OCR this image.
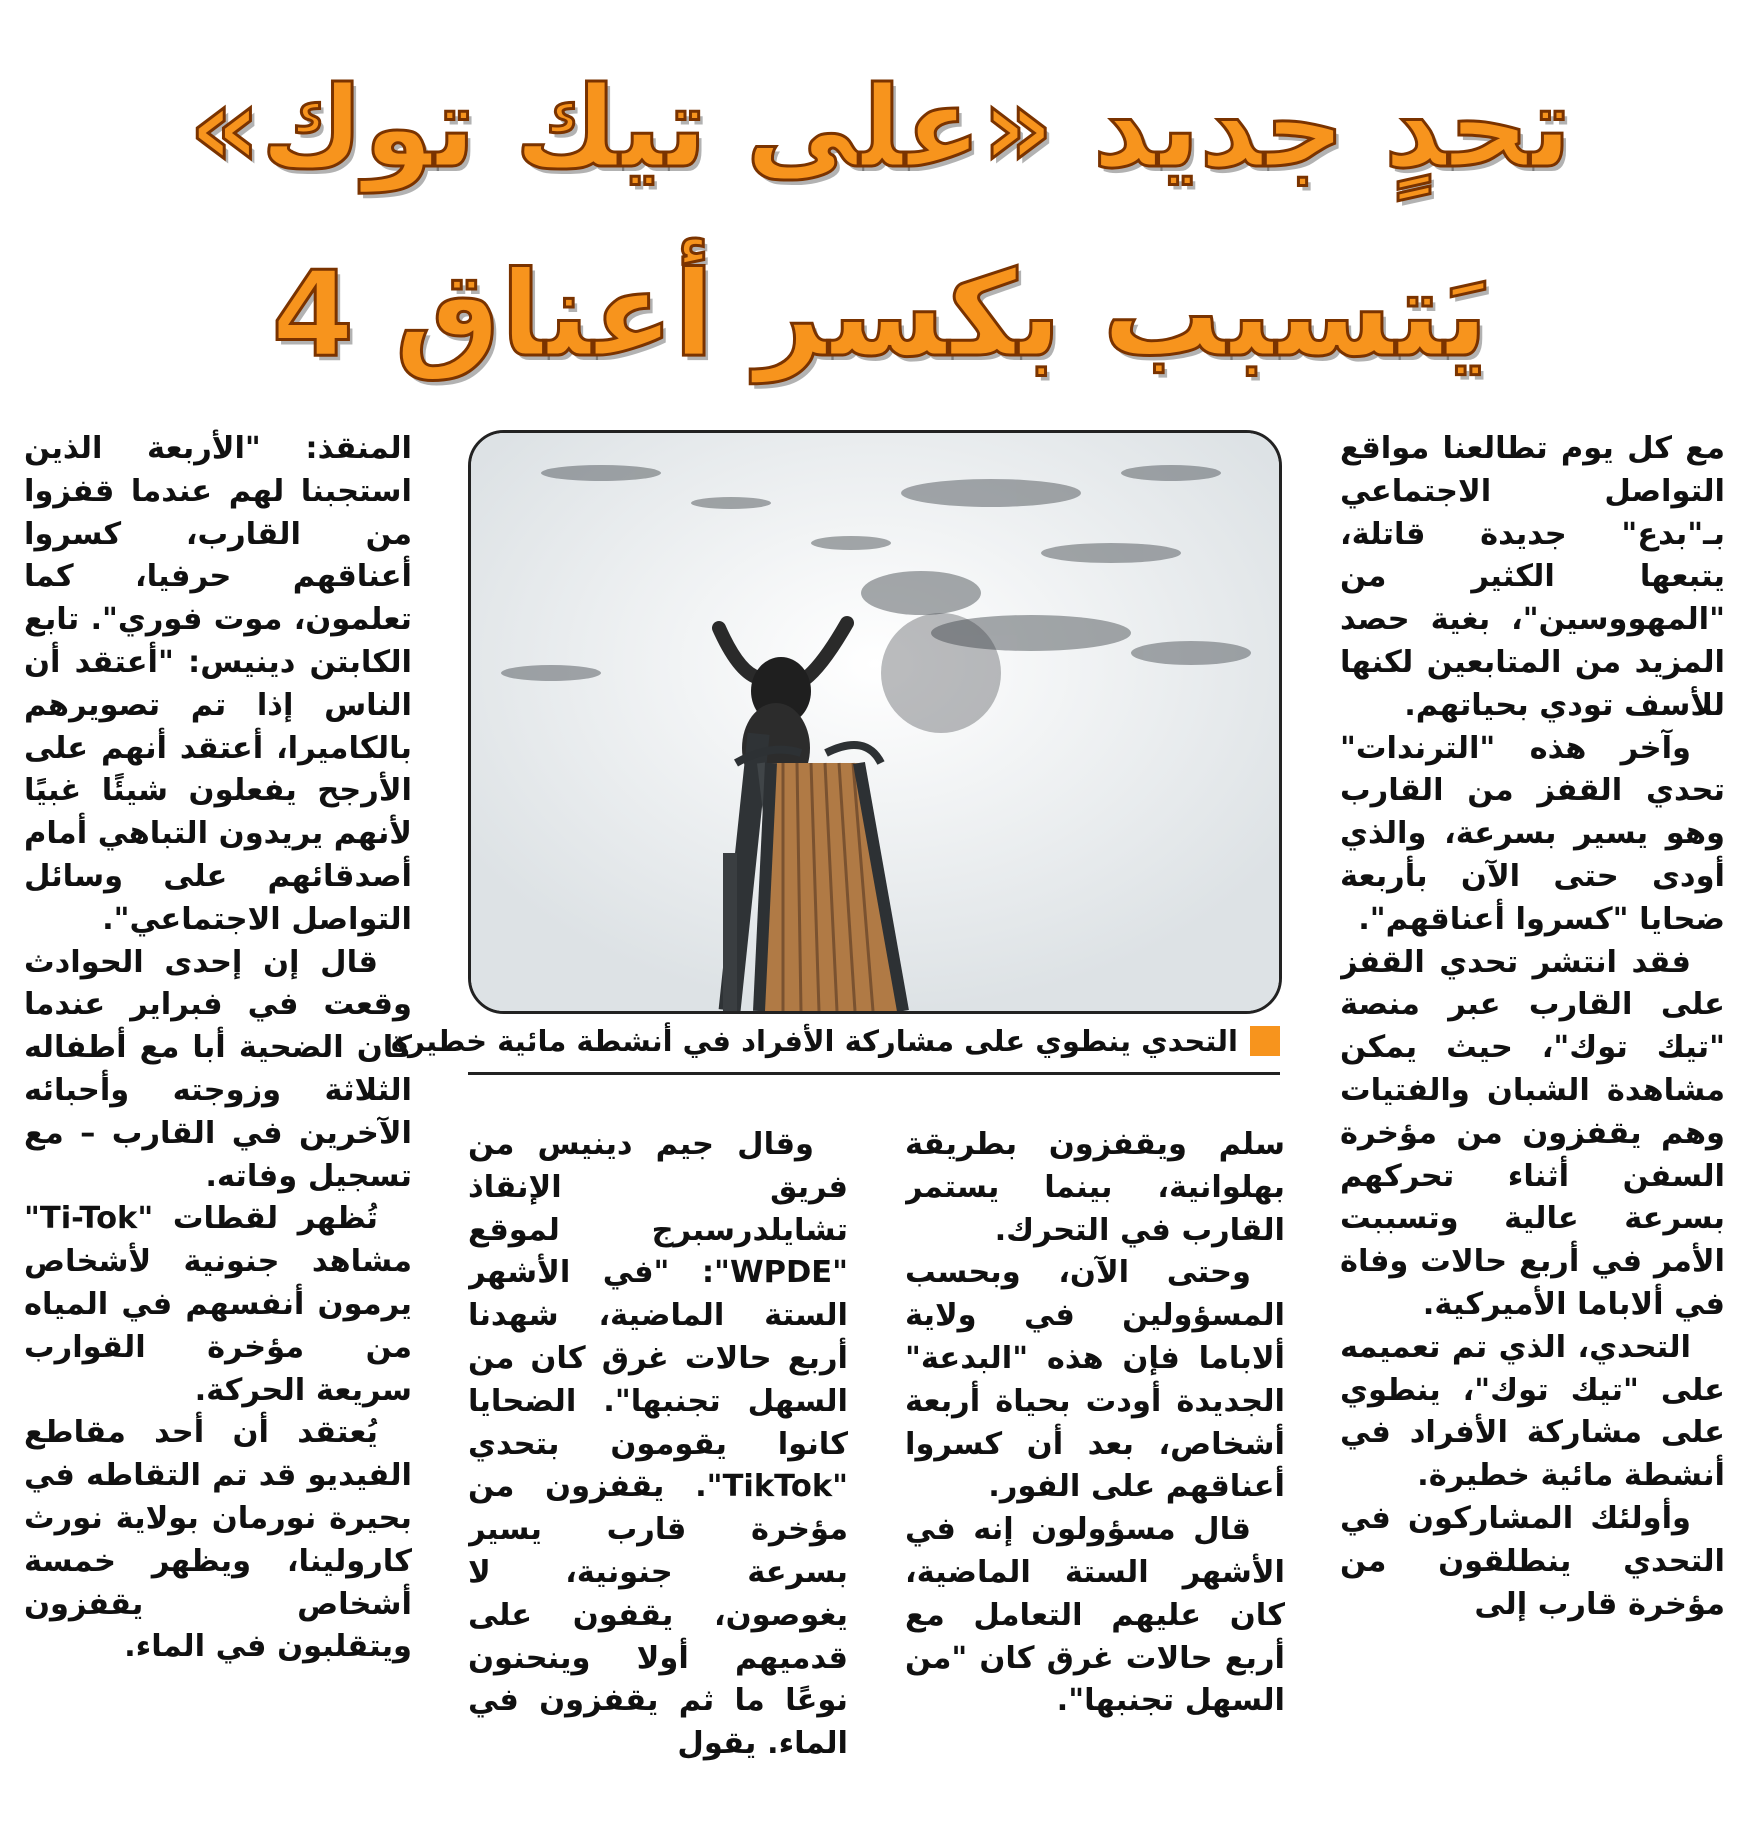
تحدٍ جديد «على تيك توك»
يَتسبب بكسر أعناق 4

مع كل يوم تطالعنا مواقع التواصل الاجتماعي بـ"بدع" جديدة قاتلة، يتبعها الكثير من "المهووسين"، بغية حصد المزيد من المتابعين لكنها للأسف تودي بحياتهم.

وآخر هذه "الترندات" تحدي القفز من القارب وهو يسير بسرعة، والذي أودى حتى الآن بأربعة ضحايا "كسروا أعناقهم".

فقد انتشر تحدي القفز على القارب عبر منصة "تيك توك"، حيث يمكن مشاهدة الشبان والفتيات وهم يقفزون من مؤخرة السفن أثناء تحركهم بسرعة عالية وتسببت الأمر في أربع حالات وفاة في ألاباما الأميركية.

التحدي، الذي تم تعميمه على "تيك توك"، ينطوي على مشاركة الأفراد في أنشطة مائية خطيرة.

وأولئك المشاركون في التحدي ينطلقون من مؤخرة قارب إلى

التحدي ينطوي على مشاركة الأفراد في أنشطة مائية خطيرة

سلم ويقفزون بطريقة بهلوانية، بينما يستمر القارب في التحرك.

وحتى الآن، وبحسب المسؤولين في ولاية ألاباما فإن هذه "البدعة" الجديدة أودت بحياة أربعة أشخاص، بعد أن كسروا أعناقهم على الفور.

قال مسؤولون إنه في الأشهر الستة الماضية، كان عليهم التعامل مع أربع حالات غرق كان "من السهل تجنبها".

وقال جيم دينيس من فريق الإنقاذ تشايلدرسبرج لموقع "WPDE": "في الأشهر الستة الماضية، شهدنا أربع حالات غرق كان من السهل تجنبها". الضحايا كانوا يقومون بتحدي "TikTok". يقفزون من مؤخرة قارب يسير بسرعة جنونية، لا يغوصون، يقفون على قدميهم أولا وينحنون نوعًا ما ثم يقفزون في الماء. يقول

المنقذ: "الأربعة الذين استجبنا لهم عندما قفزوا من القارب، كسروا أعناقهم حرفيا، كما تعلمون، موت فوري". تابع الكابتن دينيس: "أعتقد أن الناس إذا تم تصويرهم بالكاميرا، أعتقد أنهم على الأرجح يفعلون شيئًا غبيًا لأنهم يريدون التباهي أمام أصدقائهم على وسائل التواصل الاجتماعي".

قال إن إحدى الحوادث وقعت في فبراير عندما كان الضحية أبا مع أطفاله الثلاثة وزوجته وأحبائه الآخرين في القارب – مع تسجيل وفاته.

تُظهر لقطات "Ti-Tok" مشاهد جنونية لأشخاص يرمون أنفسهم في المياه من مؤخرة القوارب سريعة الحركة.

يُعتقد أن أحد مقاطع الفيديو قد تم التقاطه في بحيرة نورمان بولاية نورث كارولينا، ويظهر خمسة أشخاص يقفزون ويتقلبون في الماء.
